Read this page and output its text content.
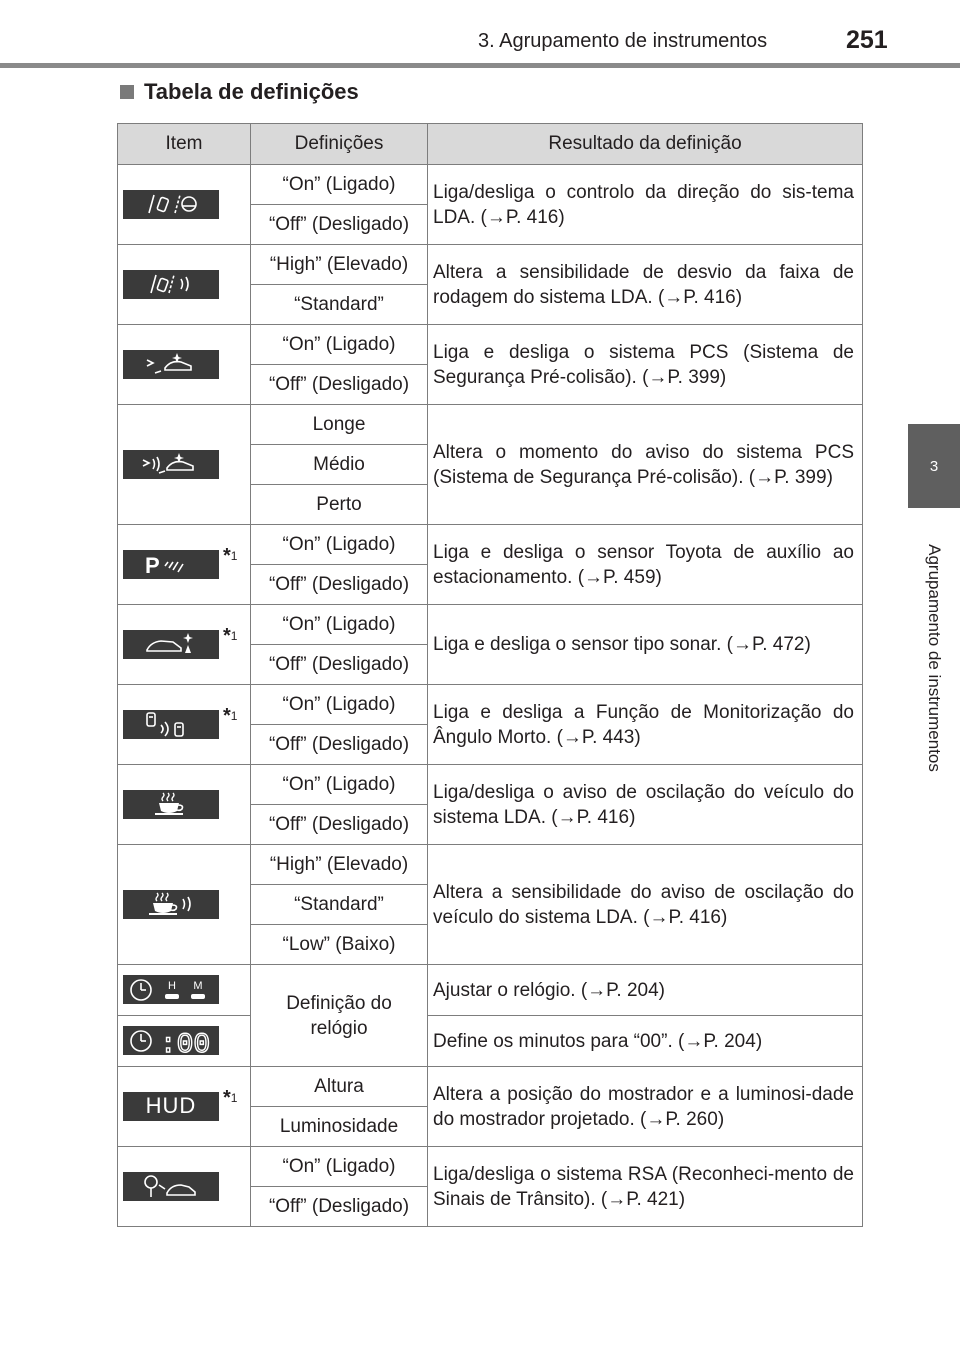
3. Agrupamento de instrumentos	251
3
Agrupamento de instrumentos
Tabela de definições
Item	Definições	Resultado da definição

	“On” (Ligado)	Liga/desliga o controlo da direção do sis-tema LDA. (→P. 416)
	“Off” (Desligado)	

	“High” (Elevado)	Altera a sensibilidade de desvio da faixa de rodagem do sistema LDA. (→P. 416)
	“Standard”	

	“On” (Ligado)	Liga e desliga o sistema PCS (Sistema de Segurança Pré-colisão). (→P. 399)
	“Off” (Desligado)	

	Longe	Altera o momento do aviso do sistema PCS (Sistema de Segurança Pré-colisão). (→P. 399)
	Médio	
	Perto	

P *$^1$	“On” (Ligado)	Liga e desliga o sensor Toyota de auxílio ao estacionamento. (→P. 459)
	“Off” (Desligado)	

*$^1$	“On” (Ligado)	Liga e desliga o sensor tipo sonar. (→P. 472)
	“Off” (Desligado)	

*$^1$	“On” (Ligado)	Liga e desliga a Função de Monitorização do Ângulo Morto. (→P. 443)
	“Off” (Desligado)	

	“On” (Ligado)	Liga/desliga o aviso de oscilação do veículo do sistema LDA. (→P. 416)
	“Off” (Desligado)	

	“High” (Elevado)	Altera a sensibilidade do aviso de oscilação do veículo do sistema LDA. (→P. 416)
	“Standard”	
	“Low” (Baixo)	

H M	Definição do relógio	Ajustar o relógio. (→P. 204)

:00		Define os minutos para “00”. (→P. 204)

HUD *$^1$	Altura	Altera a posição do mostrador e a luminosi-dade do mostrador projetado. (→P. 260)
	Luminosidade	

	“On” (Ligado)	Liga/desliga o sistema RSA (Reconheci-mento de Sinais de Trânsito). (→P. 421)
	“Off” (Desligado)	
